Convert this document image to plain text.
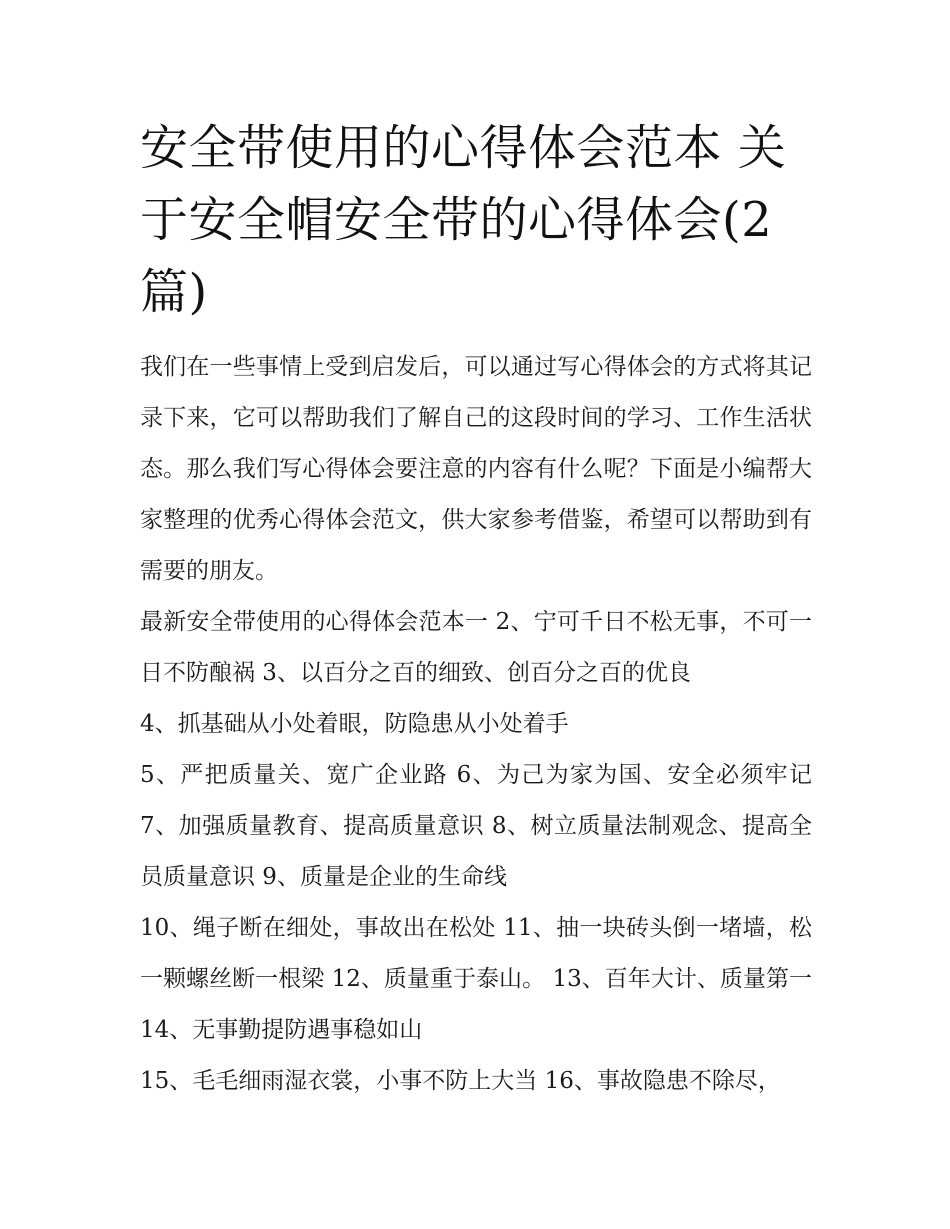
安全带使用的心得体会范本 关于安全帽安全带的心得体会(2篇)

我们在一些事情上受到启发后，可以通过写心得体会的方式将其记录下来，它可以帮助我们了解自己的这段时间的学习、工作生活状态。那么我们写心得体会要注意的内容有什么呢？下面是小编帮大家整理的优秀心得体会范文，供大家参考借鉴，希望可以帮助到有需要的朋友。

最新安全带使用的心得体会范本一 2、宁可千日不松无事，不可一日不防酿祸 3、以百分之百的细致、创百分之百的优良

4、抓基础从小处着眼，防隐患从小处着手

5、严把质量关、宽广企业路 6、为己为家为国、安全必须牢记 7、加强质量教育、提高质量意识 8、树立质量法制观念、提高全员质量意识 9、质量是企业的生命线

10、绳子断在细处，事故出在松处 11、抽一块砖头倒一堵墙，松一颗螺丝断一根梁 12、质量重于泰山。 13、百年大计、质量第一 14、无事勤提防遇事稳如山

15、毛毛细雨湿衣裳，小事不防上大当 16、事故隐患不除尽，
